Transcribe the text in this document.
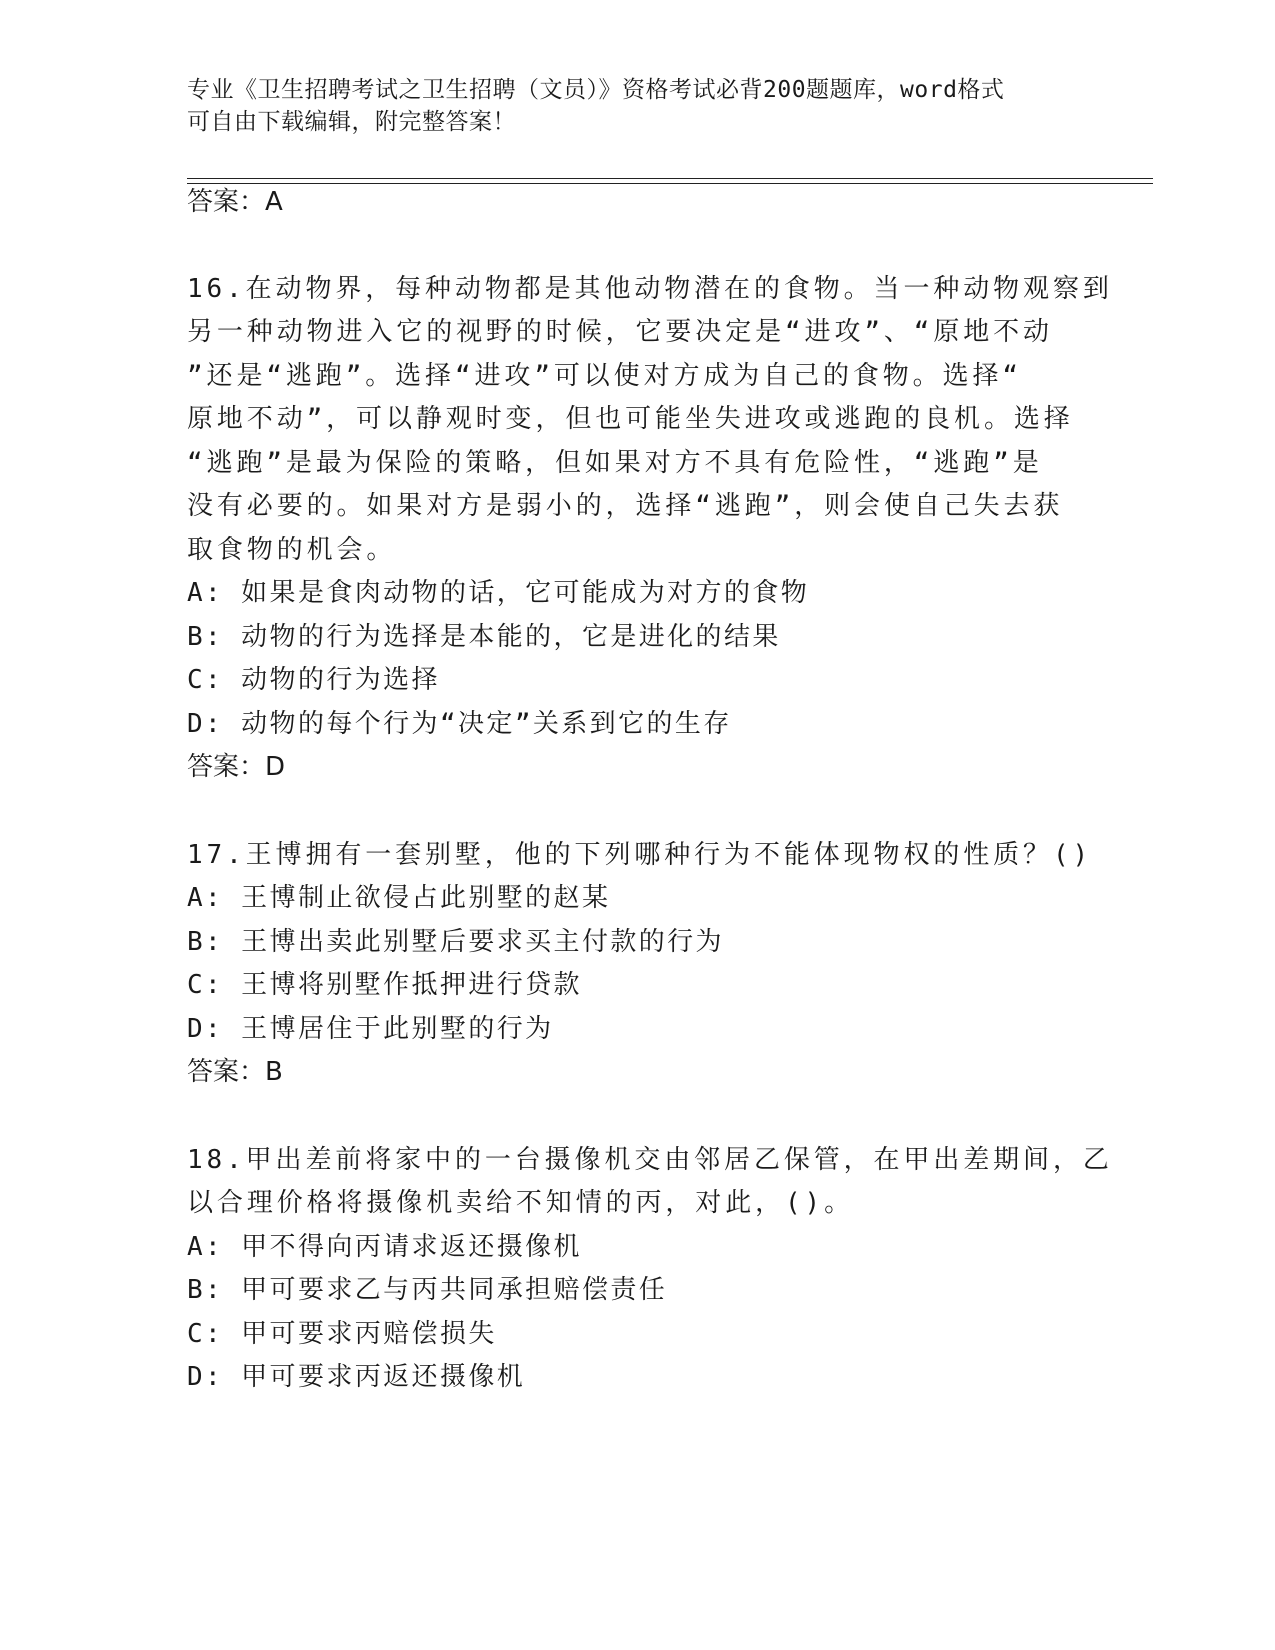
专业《卫生招聘考试之卫生招聘（文员）》资格考试必背200题题库，word格式
可自由下载编辑，附完整答案！
答案：A
16.在动物界，每种动物都是其他动物潜在的食物。当一种动物观察到
另一种动物进入它的视野的时候，它要决定是“进攻”、“原地不动
”还是“逃跑”。选择“进攻”可以使对方成为自己的食物。选择“
原地不动”，可以静观时变，但也可能坐失进攻或逃跑的良机。选择
“逃跑”是最为保险的策略，但如果对方不具有危险性，“逃跑”是
没有必要的。如果对方是弱小的，选择“逃跑”，则会使自己失去获
取食物的机会。
A: 如果是食肉动物的话，它可能成为对方的食物
B: 动物的行为选择是本能的，它是进化的结果
C: 动物的行为选择
D: 动物的每个行为“决定”关系到它的生存
答案：D
17.王博拥有一套别墅，他的下列哪种行为不能体现物权的性质？()
A: 王博制止欲侵占此别墅的赵某
B: 王博出卖此别墅后要求买主付款的行为
C: 王博将别墅作抵押进行贷款
D: 王博居住于此别墅的行为
答案：B
18.甲出差前将家中的一台摄像机交由邻居乙保管，在甲出差期间，乙
以合理价格将摄像机卖给不知情的丙，对此，()。
A: 甲不得向丙请求返还摄像机
B: 甲可要求乙与丙共同承担赔偿责任
C: 甲可要求丙赔偿损失
D: 甲可要求丙返还摄像机
